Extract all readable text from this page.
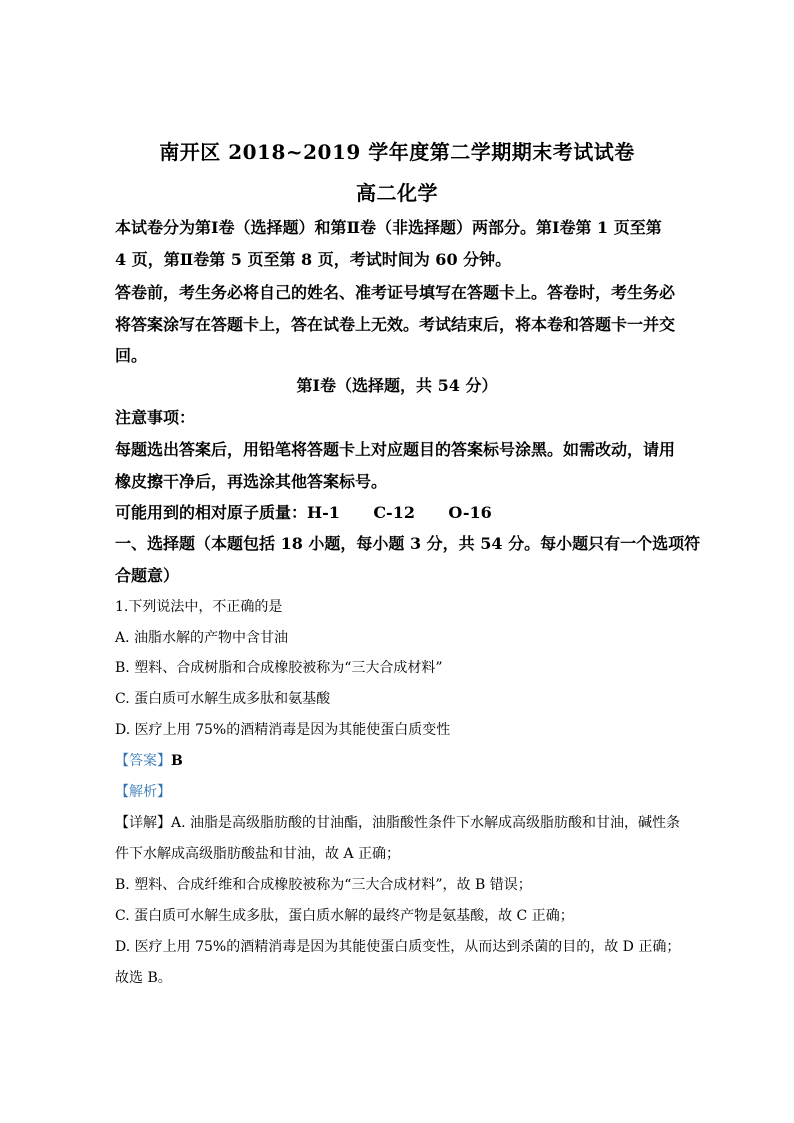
南开区 2018~2019 学年度第二学期期末考试试卷
高二化学
本试卷分为第Ⅰ卷（选择题）和第Ⅱ卷（非选择题）两部分。第Ⅰ卷第 1 页至第
4 页，第Ⅱ卷第 5 页至第 8 页，考试时间为 60 分钟。
答卷前，考生务必将自己的姓名、准考证号填写在答题卡上。答卷时，考生务必
将答案涂写在答题卡上，答在试卷上无效。考试结束后，将本卷和答题卡一并交
回。
第Ⅰ卷（选择题，共 54 分）
注意事项：
每题选出答案后，用铅笔将答题卡上对应题目的答案标号涂黑。如需改动，请用
橡皮擦干净后，再选涂其他答案标号。
可能用到的相对原子质量：H-1      C-12      O-16
一、选择题（本题包括 18 小题，每小题 3 分，共 54 分。每小题只有一个选项符
合题意）
1.下列说法中，不正确的是
A. 油脂水解的产物中含甘油
B. 塑料、合成树脂和合成橡胶被称为“三大合成材料”
C. 蛋白质可水解生成多肽和氨基酸
D. 医疗上用 75%的酒精消毒是因为其能使蛋白质变性
【答案】B
【解析】
【详解】A. 油脂是高级脂肪酸的甘油酯，油脂酸性条件下水解成高级脂肪酸和甘油，碱性条
件下水解成高级脂肪酸盐和甘油，故 A 正确；
B. 塑料、合成纤维和合成橡胶被称为“三大合成材料”，故 B 错误；
C. 蛋白质可水解生成多肽，蛋白质水解的最终产物是氨基酸，故 C 正确；
D. 医疗上用 75%的酒精消毒是因为其能使蛋白质变性，从而达到杀菌的目的，故 D 正确；
故选 B。
